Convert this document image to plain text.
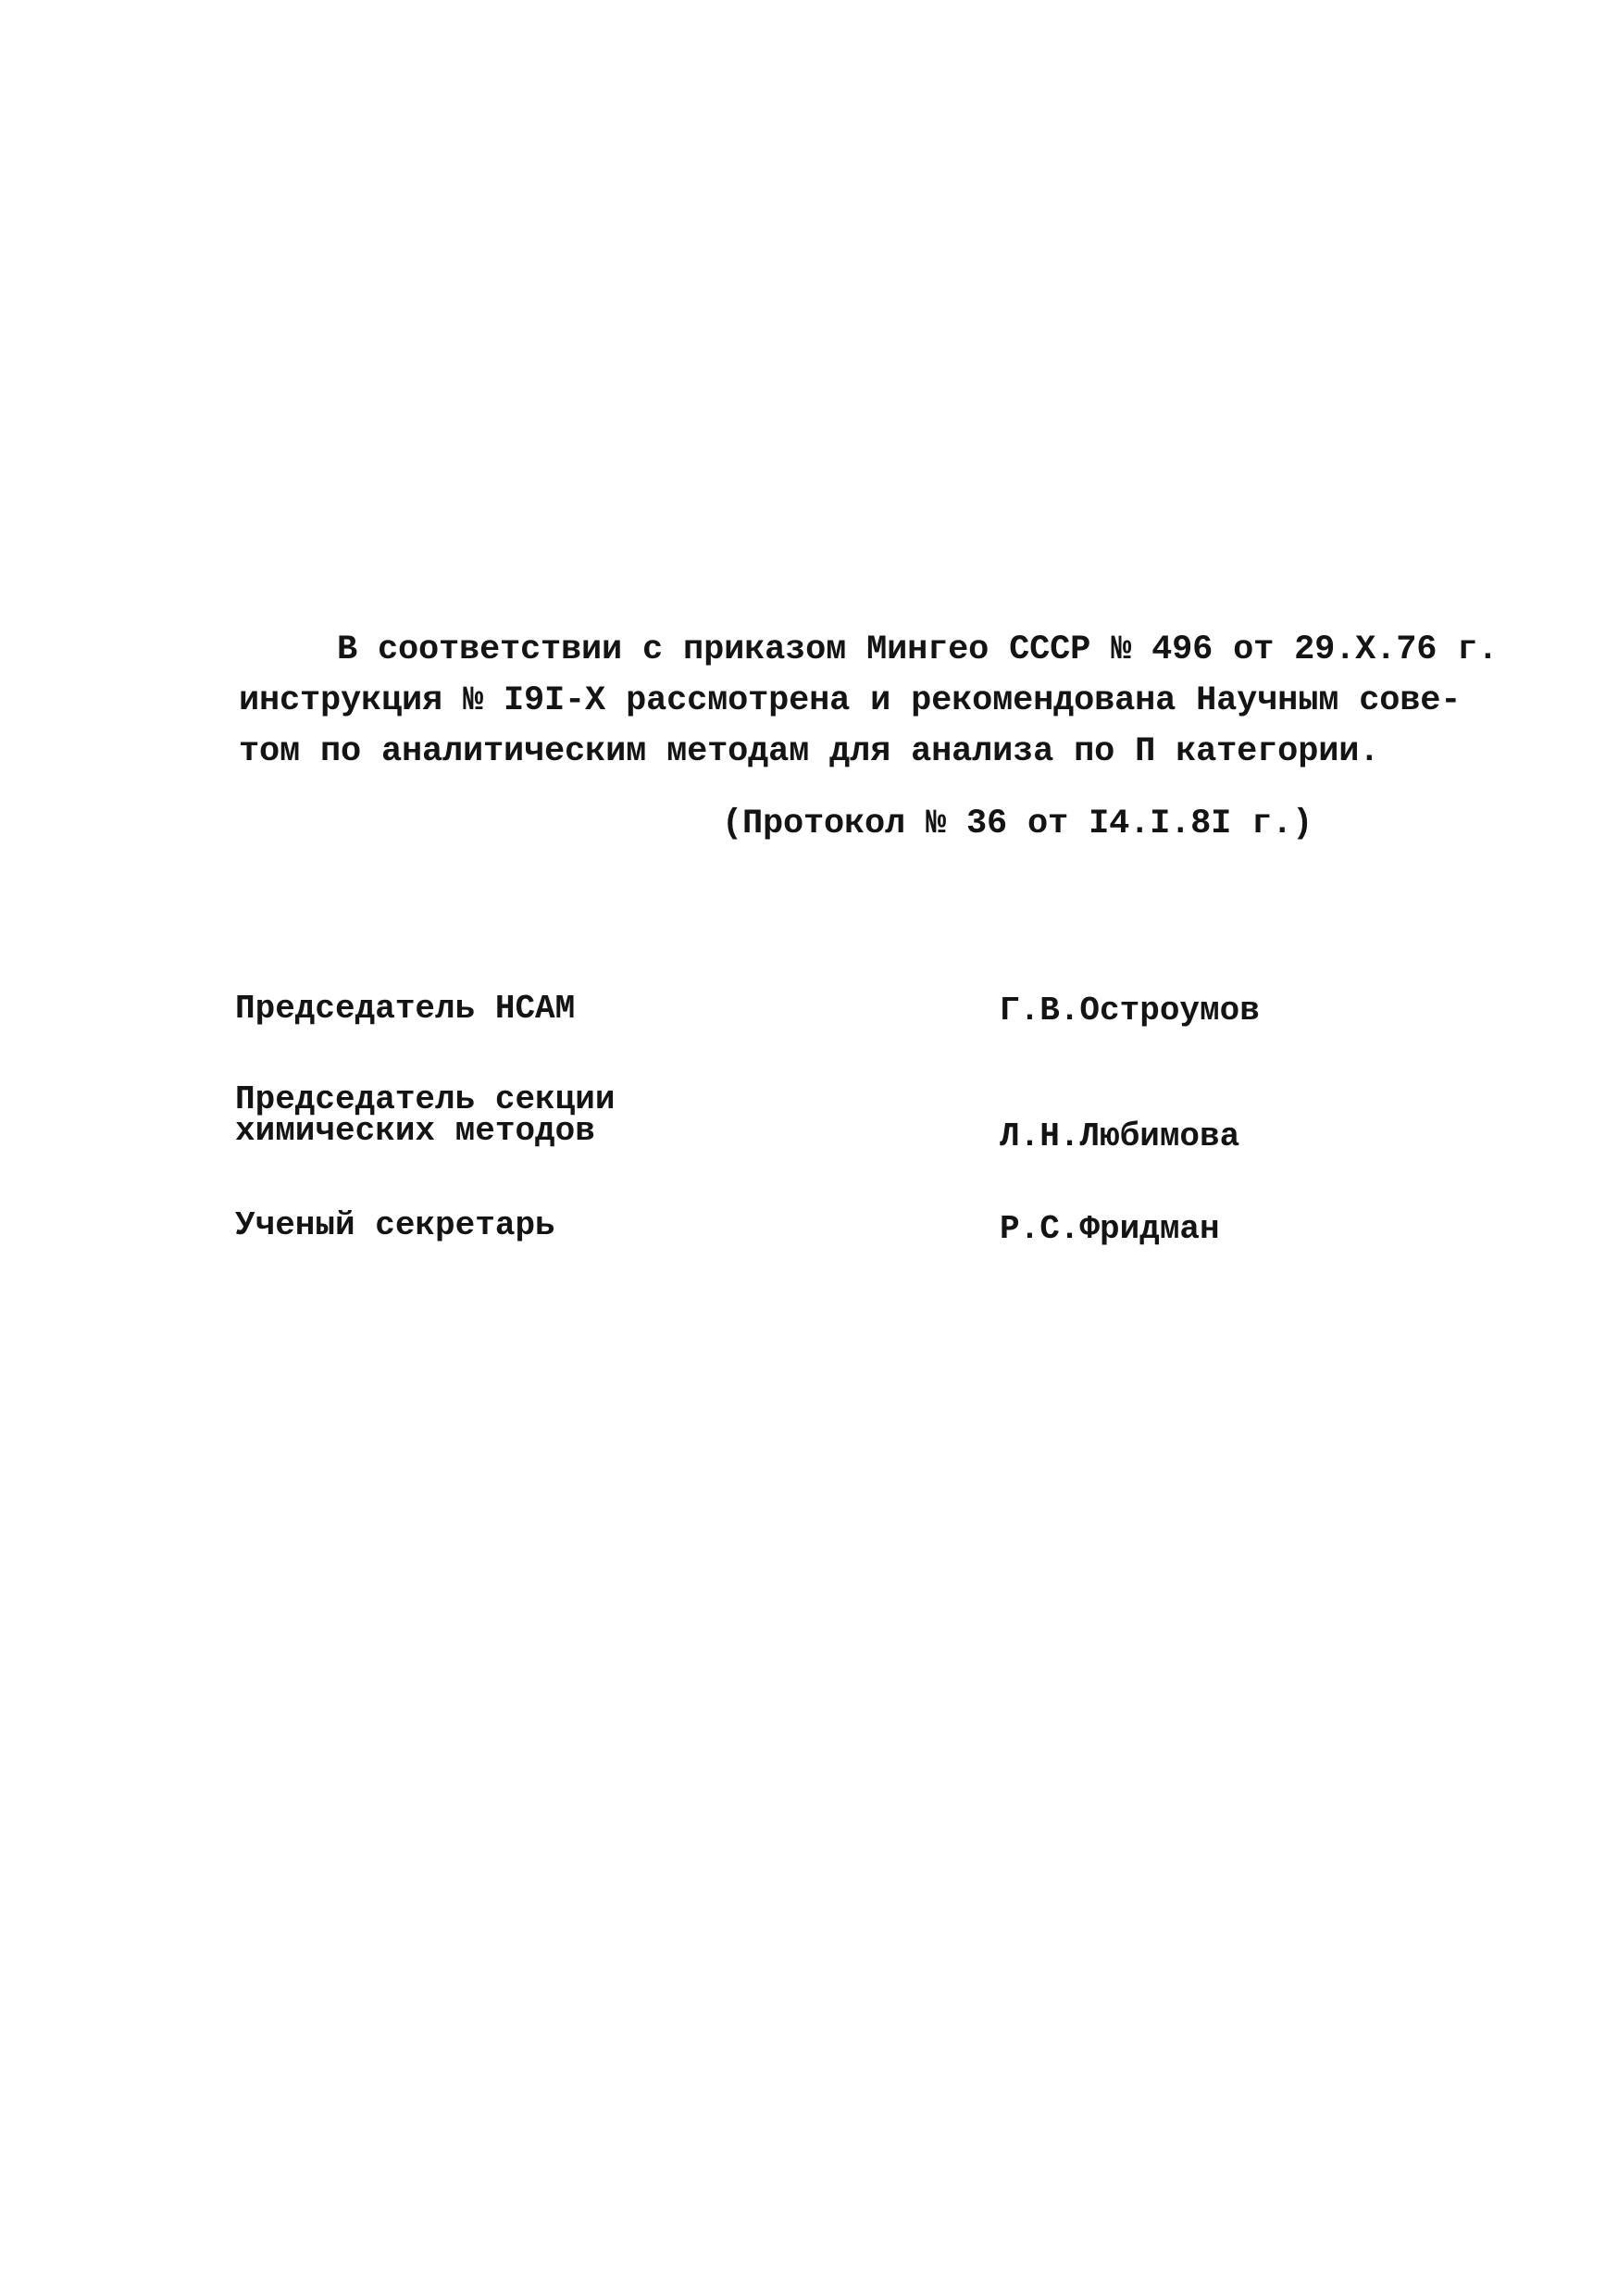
В соответствии с приказом Мингео СССР № 496 от 29.Х.76 г.
инструкция № I9I-Х рассмотрена и рекомендована Научным сове-
том по аналитическим методам для анализа по П категории.
(Протокол № 36 от I4.I.8I г.)
Председатель НСАМ	Г.В.Остроумов
Председатель секции
химических методов	Л.Н.Любимова
Ученый секретарь	Р.С.Фридман
